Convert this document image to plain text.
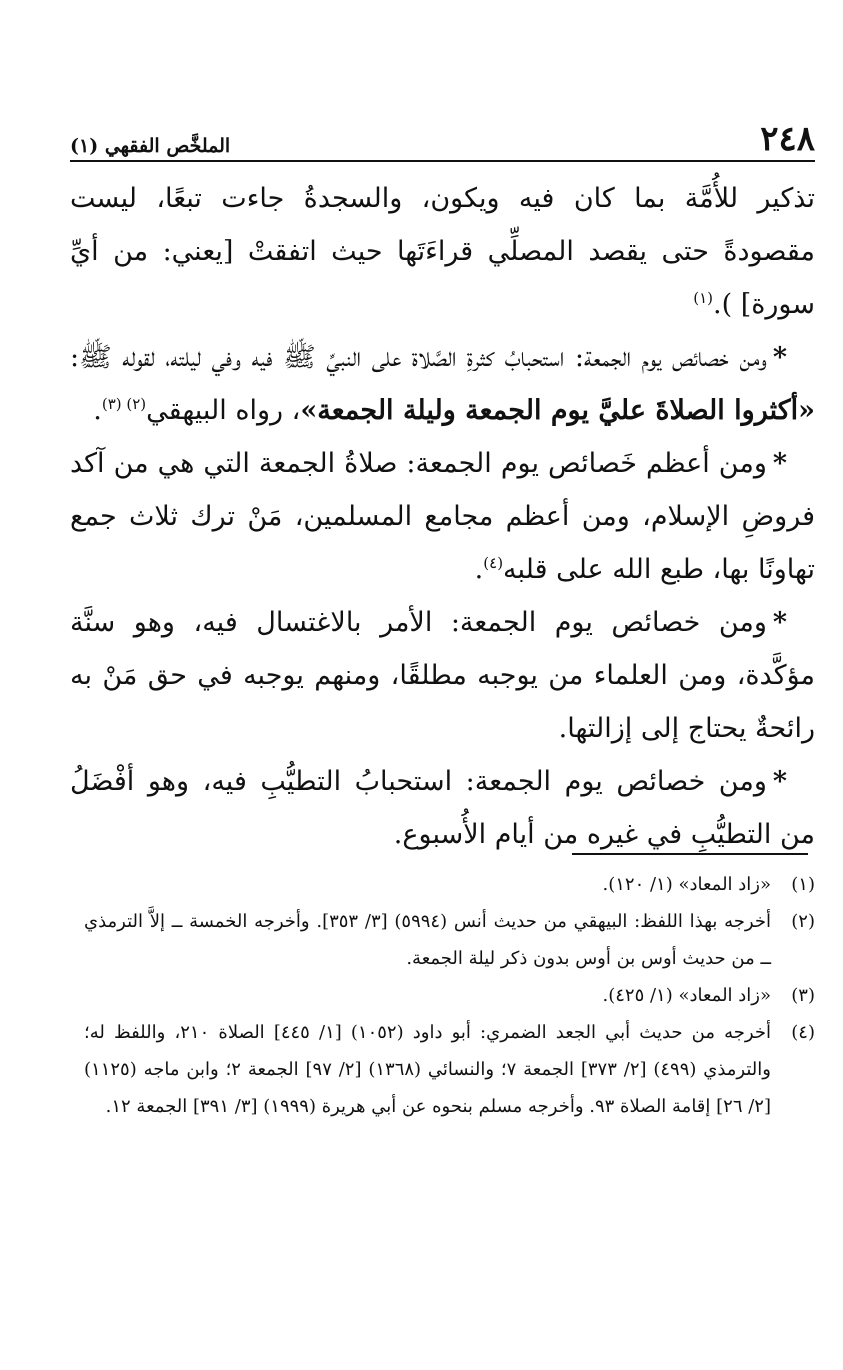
٢٤٨
الملخَّص الفقهي (١)

تذكير للأُمَّة بما كان فيه ويكون، والسجدةُ جاءت تبعًا، ليست مقصودةً حتى يقصد المصلِّي قراءَتَها حيث اتفقتْ [يعني: من أيِّ سورة] ).$^{(١)}$

*ومن خصائص يوم الجمعة: استحبابُ كثرةِ الصَّلاة على النبيِّ ﷺ فيه وفي ليلته، لقوله ﷺ: «أكثروا الصلاةَ عليَّ يوم الجمعة وليلة الجمعة»، رواه البيهقي$^{(٢) (٣)}$.

*ومن أعظم خَصائص يوم الجمعة: صلاةُ الجمعة التي هي من آكد فروضِ الإسلام، ومن أعظم مجامع المسلمين، مَنْ ترك ثلاث جمع تهاونًا بها، طبع الله على قلبه$^{(٤)}$.

*ومن خصائص يوم الجمعة: الأمر بالاغتسال فيه، وهو سنَّة مؤكَّدة، ومن العلماء من يوجبه مطلقًا، ومنهم يوجبه في حق مَنْ به رائحةٌ يحتاج إلى إزالتها.

*ومن خصائص يوم الجمعة: استحبابُ التطيُّبِ فيه، وهو أفْضَلُ من التطيُّبِ في غيره من أيام الأُسبوع.

(١)
«زاد المعاد» (١/ ١٢٠).

(٢)
أخرجه بهذا اللفظ: البيهقي من حديث أنس (٥٩٩٤) [٣/ ٣٥٣]. وأخرجه الخمسة ــ إلاَّ الترمذي ــ من حديث أوس بن أوس بدون ذكر ليلة الجمعة.

(٣)
«زاد المعاد» (١/ ٤٢٥).

(٤)
أخرجه من حديث أبي الجعد الضمري: أبو داود (١٠٥٢) [١/ ٤٤٥] الصلاة ٢١٠، واللفظ له؛ والترمذي (٤٩٩) [٢/ ٣٧٣] الجمعة ٧؛ والنسائي (١٣٦٨) [٢/ ٩٧] الجمعة ٢؛ وابن ماجه (١١٢٥) [٢/ ٢٦] إقامة الصلاة ٩٣. وأخرجه مسلم بنحوه عن أبي هريرة (١٩٩٩) [٣/ ٣٩١] الجمعة ١٢.
